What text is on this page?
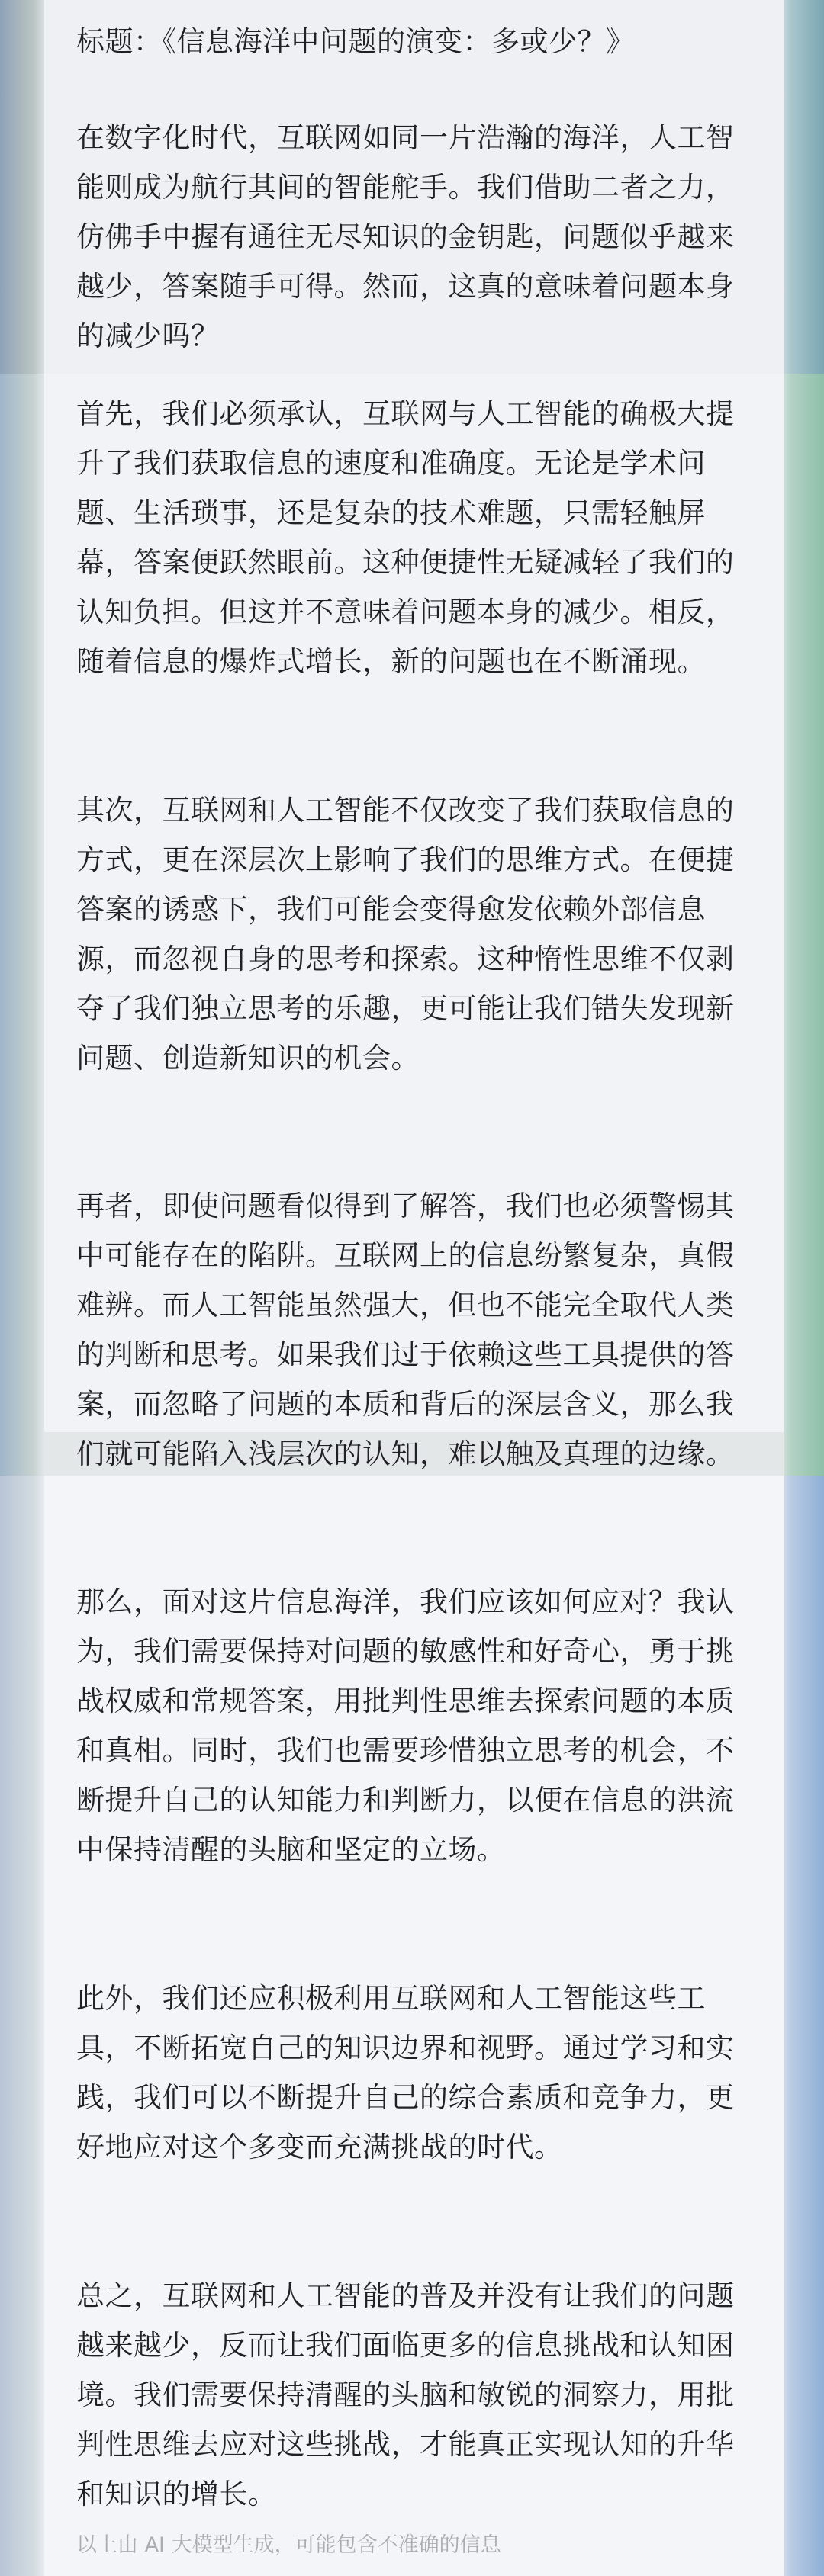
标题：《信息海洋中问题的演变：多或少？》

在数字化时代，互联网如同一片浩瀚的海洋，人工智能则成为航行其间的智能舵手。我们借助二者之力，仿佛手中握有通往无尽知识的金钥匙，问题似乎越来越少，答案随手可得。然而，这真的意味着问题本身的减少吗？

首先，我们必须承认，互联网与人工智能的确极大提升了我们获取信息的速度和准确度。无论是学术问题、生活琐事，还是复杂的技术难题，只需轻触屏幕，答案便跃然眼前。这种便捷性无疑减轻了我们的认知负担。但这并不意味着问题本身的减少。相反，随着信息的爆炸式增长，新的问题也在不断涌现。

其次，互联网和人工智能不仅改变了我们获取信息的方式，更在深层次上影响了我们的思维方式。在便捷答案的诱惑下，我们可能会变得愈发依赖外部信息源，而忽视自身的思考和探索。这种惰性思维不仅剥夺了我们独立思考的乐趣，更可能让我们错失发现新问题、创造新知识的机会。

再者，即使问题看似得到了解答，我们也必须警惕其中可能存在的陷阱。互联网上的信息纷繁复杂，真假难辨。而人工智能虽然强大，但也不能完全取代人类的判断和思考。如果我们过于依赖这些工具提供的答案，而忽略了问题的本质和背后的深层含义，那么我们就可能陷入浅层次的认知，难以触及真理的边缘。

那么，面对这片信息海洋，我们应该如何应对？我认为，我们需要保持对问题的敏感性和好奇心，勇于挑战权威和常规答案，用批判性思维去探索问题的本质和真相。同时，我们也需要珍惜独立思考的机会，不断提升自己的认知能力和判断力，以便在信息的洪流中保持清醒的头脑和坚定的立场。

此外，我们还应积极利用互联网和人工智能这些工具，不断拓宽自己的知识边界和视野。通过学习和实践，我们可以不断提升自己的综合素质和竞争力，更好地应对这个多变而充满挑战的时代。

总之，互联网和人工智能的普及并没有让我们的问题越来越少，反而让我们面临更多的信息挑战和认知困境。我们需要保持清醒的头脑和敏锐的洞察力，用批判性思维去应对这些挑战，才能真正实现认知的升华和知识的增长。

以上由 AI 大模型生成，可能包含不准确的信息
